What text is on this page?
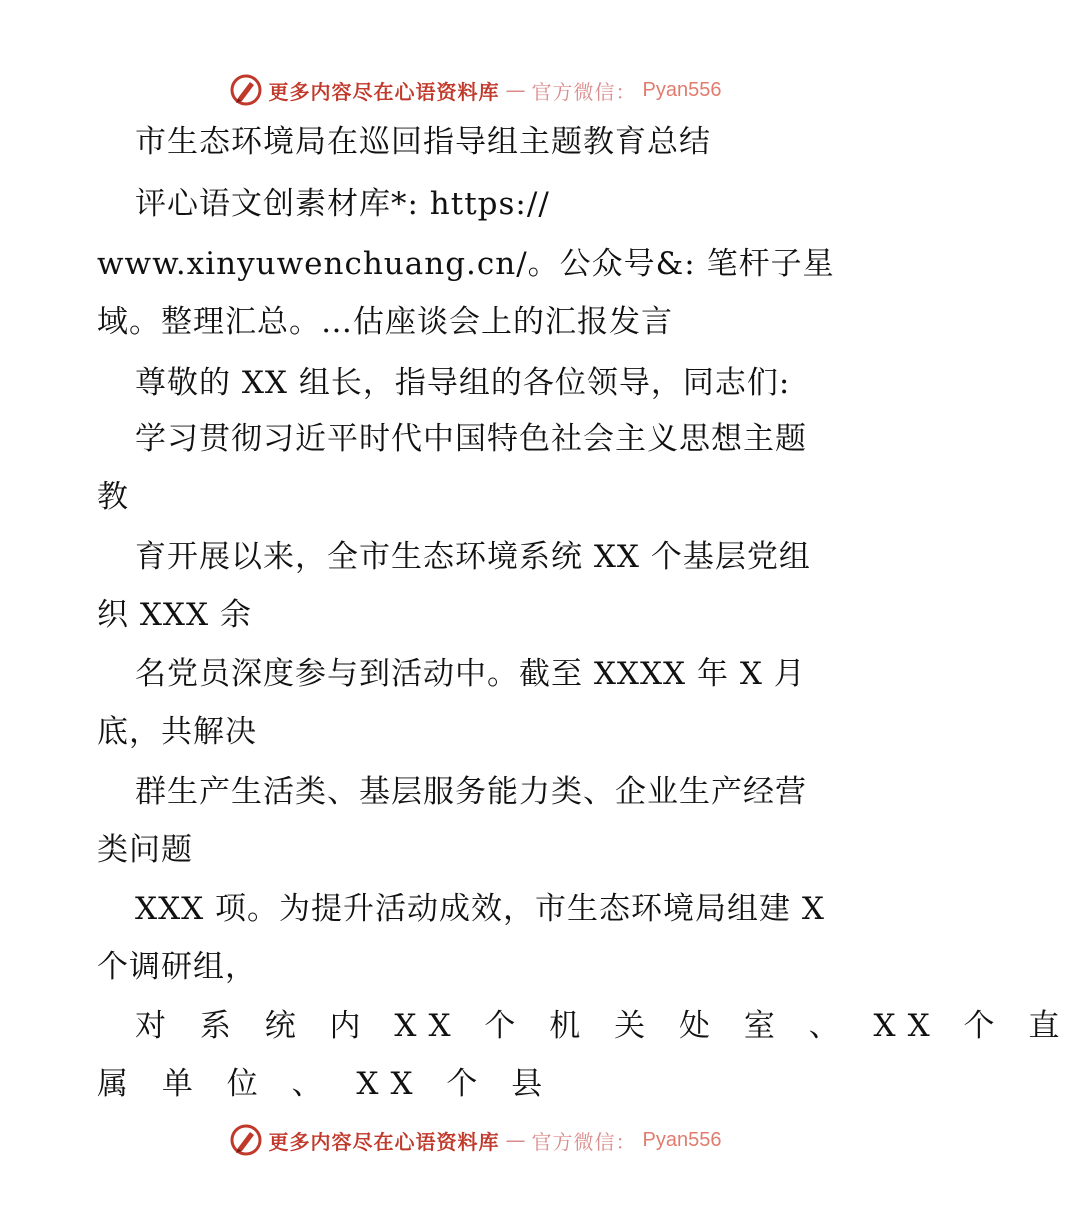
更多内容尽在心语资料库 — 官方微信： Pyan556
市生态环境局在巡回指导组主题教育总结
评心语文创素材库*: https://
www.xinyuwenchuang.cn/。公众号&: 笔杆子星
域。整理汇总。…估座谈会上的汇报发言
尊敬的 XX 组长，指导组的各位领导，同志们:
学习贯彻习近平时代中国特色社会主义思想主题
教
育开展以来，全市生态环境系统 XX 个基层党组
织 XXX 余
名党员深度参与到活动中。截至 XXXX 年 X 月
底，共解决
群生产生活类、基层服务能力类、企业生产经营
类问题
XXX 项。为提升活动成效，市生态环境局组建 X
个调研组，
对 系 统 内 XX 个 机 关 处 室 、 XX 个 直
属 单 位 、 XX 个 县
更多内容尽在心语资料库 — 官方微信： Pyan556
